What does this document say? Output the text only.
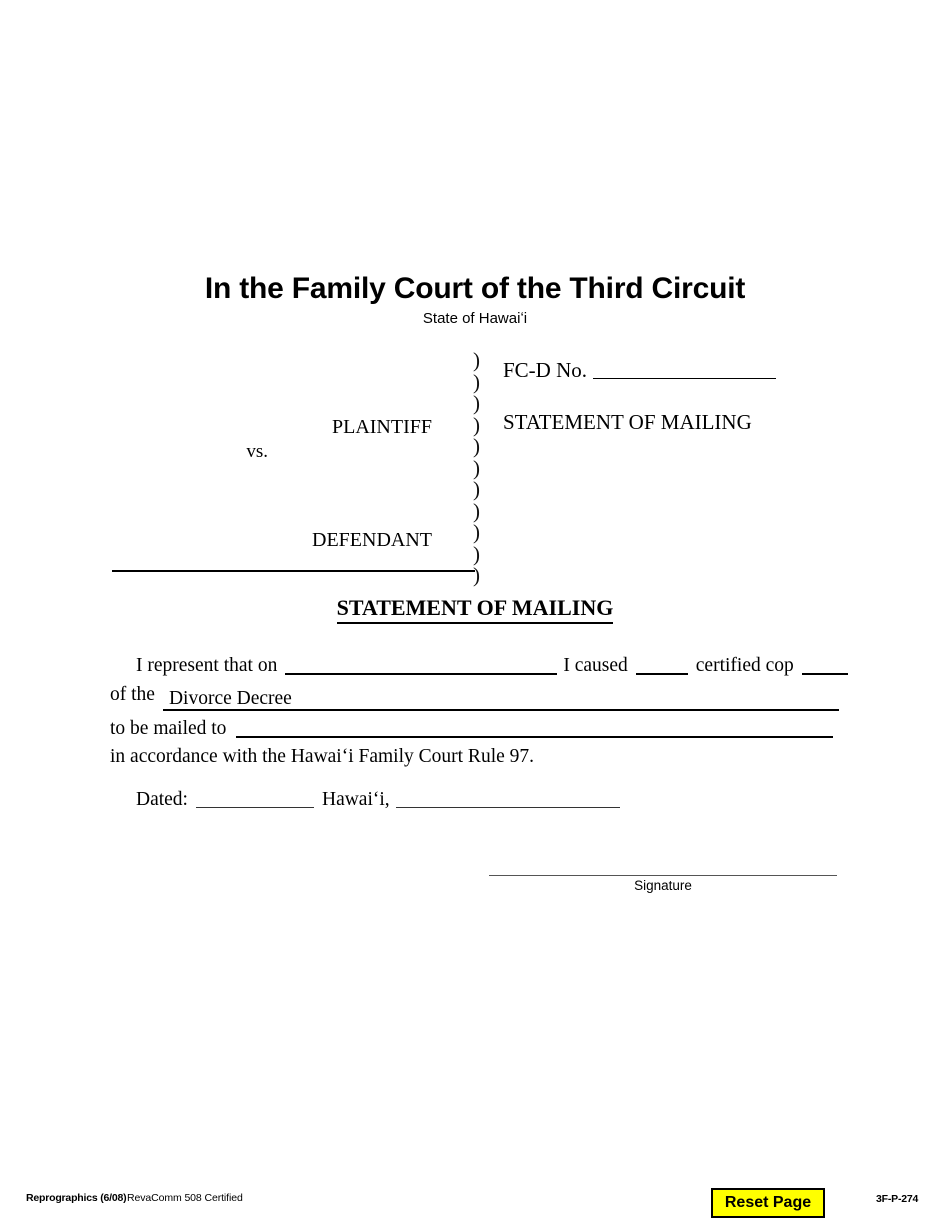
In the Family Court of the Third Circuit
State of Hawaiʻi
)
)
)
)
)
)
)
)
)
)
)
PLAINTIFF
vs.
DEFENDANT
FC-D No.
STATEMENT OF MAILING
STATEMENT OF MAILING
I represent that on	I caused	certified cop
of the Divorce Decree
to be mailed to
in accordance with the Hawaiʻi Family Court Rule 97.
Dated:	Hawaiʻi,
Signature
Reprographics (6/08) RevaComm 508 Certified	Reset Page	3F-P-274
